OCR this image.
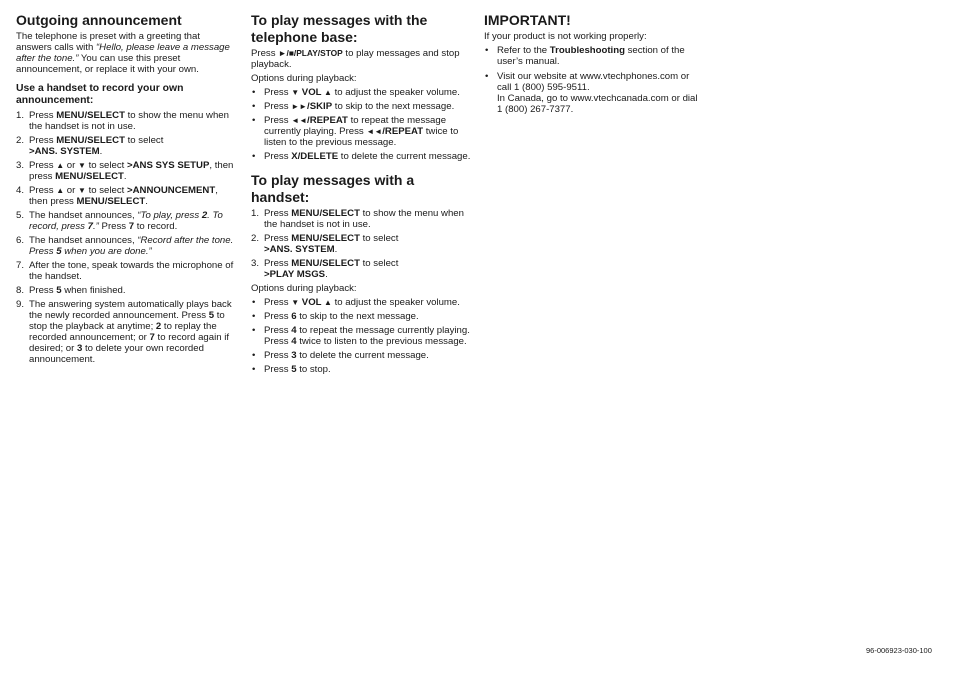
Outgoing announcement

The telephone is preset with a greeting that answers calls with “Hello, please leave a message after the tone.” You can use this preset announcement, or replace it with your own.

Use a handset to record your own announcement:
1. Press MENU/SELECT to show the menu when the handset is not in use.
2. Press MENU/SELECT to select
>ANS. SYSTEM.
3. Press ▲ or ▼ to select >ANS SYS SETUP, then press MENU/SELECT.
4. Press ▲ or ▼ to select >ANNOUNCEMENT, then press MENU/SELECT.
5. The handset announces, “To play, press 2. To record, press 7.” Press 7 to record.
6. The handset announces, “Record after the tone. Press 5 when you are done.”
7. After the tone, speak towards the microphone of the handset.
8. Press 5 when finished.
9. The answering system automatically plays back the newly recorded announcement. Press 5 to stop the playback at anytime; 2 to replay the recorded announcement; or 7 to record again if desired; or 3 to delete your own recorded announcement.
To play messages with the telephone base:

Press ►/■/PLAY/STOP to play messages and stop playback.

Options during playback:

• Press ▼ VOL ▲ to adjust the speaker volume.
• Press ►►/SKIP to skip to the next message.
• Press ◄◄/REPEAT to repeat the message currently playing. Press ◄◄/REPEAT twice to listen to the previous message.
• Press X/DELETE to delete the current message.
To play messages with a handset:
1. Press MENU/SELECT to show the menu when the handset is not in use.
2. Press MENU/SELECT to select
>ANS. SYSTEM.
3. Press MENU/SELECT to select
>PLAY MSGS.

Options during playback:

• Press ▼ VOL ▲ to adjust the speaker volume.
• Press 6 to skip to the next message.
• Press 4 to repeat the message currently playing. Press 4 twice to listen to the previous message.
• Press 3 to delete the current message.
• Press 5 to stop.
IMPORTANT!

If your product is not working properly:

• Refer to the Troubleshooting section of the user’s manual.
• Visit our website at www.vtechphones.com or call 1 (800) 595-9511.
In Canada, go to www.vtechcanada.com or dial 1 (800) 267-7377.
96-006923-030-100
